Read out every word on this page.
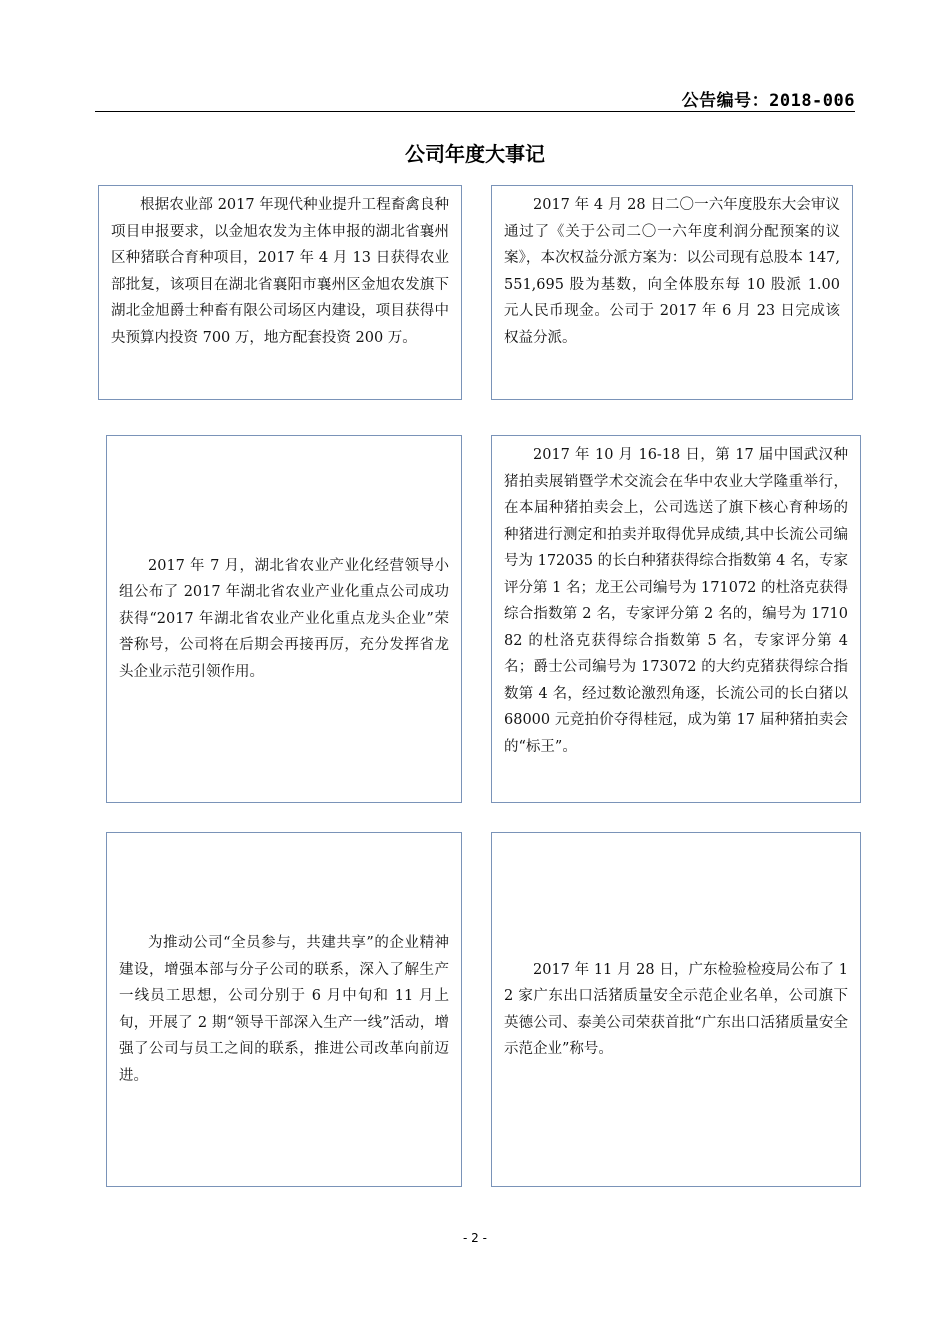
公告编号：2018-006
公司年度大事记

根据农业部 2017 年现代种业提升工程畜禽良种项目申报要求，以金旭农发为主体申报的湖北省襄州区种猪联合育种项目，2017 年 4 月 13 日获得农业部批复，该项目在湖北省襄阳市襄州区金旭农发旗下湖北金旭爵士种畜有限公司场区内建设，项目获得中央预算内投资 700 万，地方配套投资 200 万。

2017 年 4 月 28 日二〇一六年度股东大会审议通过了《关于公司二〇一六年度利润分配预案的议案》，本次权益分派方案为：以公司现有总股本 147,551,695 股为基数，向全体股东每 10 股派 1.00 元人民币现金。公司于 2017 年 6 月 23 日完成该权益分派。

2017 年 7 月，湖北省农业产业化经营领导小组公布了 2017 年湖北省农业产业化重点公司成功获得“2017 年湖北省农业产业化重点龙头企业”荣誉称号，公司将在后期会再接再厉，充分发挥省龙头企业示范引领作用。

2017 年 10 月 16-18 日，第 17 届中国武汉种猪拍卖展销暨学术交流会在华中农业大学隆重举行，在本届种猪拍卖会上，公司选送了旗下核心育种场的种猪进行测定和拍卖并取得优异成绩,其中长流公司编号为 172035 的长白种猪获得综合指数第 4 名，专家评分第 1 名；龙王公司编号为 171072 的杜洛克获得综合指数第 2 名，专家评分第 2 名的，编号为 171082 的杜洛克获得综合指数第 5 名，专家评分第 4 名；爵士公司编号为 173072 的大约克猪获得综合指数第 4 名，经过数论激烈角逐，长流公司的长白猪以 68000 元竞拍价夺得桂冠，成为第 17 届种猪拍卖会的“标王”。

为推动公司“全员参与，共建共享”的企业精神建设，增强本部与分子公司的联系，深入了解生产一线员工思想，公司分别于 6 月中旬和 11 月上旬，开展了 2 期“领导干部深入生产一线”活动，增强了公司与员工之间的联系，推进公司改革向前迈进。

2017 年 11 月 28 日，广东检验检疫局公布了 12 家广东出口活猪质量安全示范企业名单，公司旗下英德公司、泰美公司荣获首批“广东出口活猪质量安全示范企业”称号。

- 2 -
